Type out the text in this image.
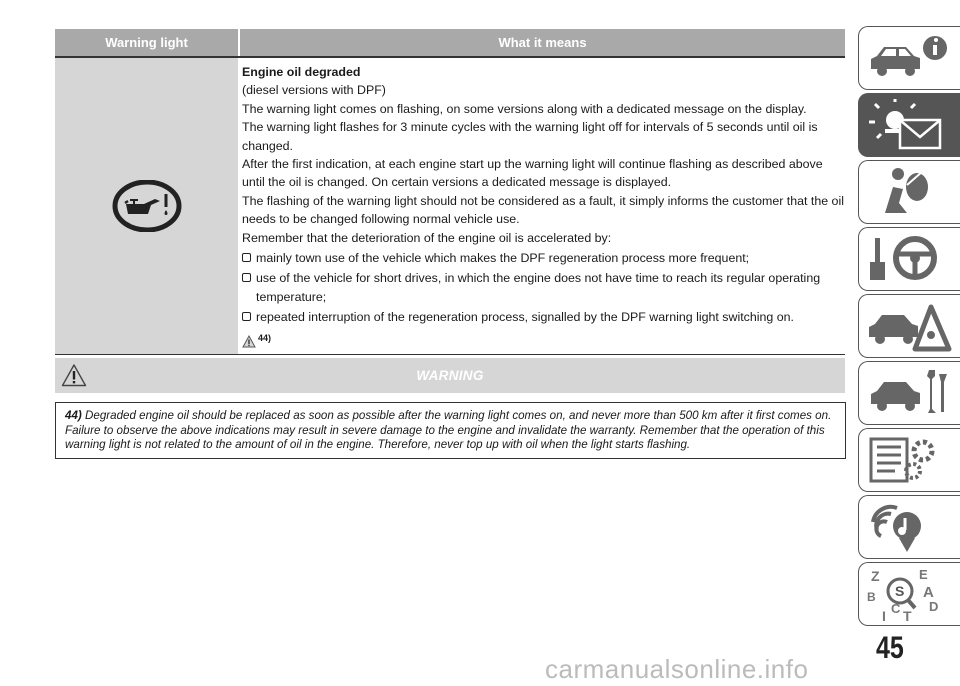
Warning light	What it means

Engine oil degraded

(diesel versions with DPF)

The warning light comes on flashing, on some versions along with a dedicated message on the display.

The warning light flashes for 3 minute cycles with the warning light off for intervals of 5 seconds until oil is changed.

After the first indication, at each engine start up the warning light will continue flashing as described above until the oil is changed. On certain versions a dedicated message is displayed.

The flashing of the warning light should not be considered as a fault, it simply informs the customer that the oil needs to be changed following normal vehicle use.

Remember that the deterioration of the engine oil is accelerated by:

mainly town use of the vehicle which makes the DPF regeneration process more frequent;
use of the vehicle for short drives, in which the engine does not have time to reach its regular operating temperature;
repeated interruption of the regeneration process, signalled by the DPF warning light switching on.
44)
WARNING
44) Degraded engine oil should be replaced as soon as possible after the warning light comes on, and never more than 500 km after it first comes on. Failure to observe the above indications may result in severe damage to the engine and invalidate the warranty. Remember that the operation of this warning light is not related to the amount of oil in the engine. Therefore, never top up with oil when the light starts flashing.
Z	E
B	A
C D
T
I
S
45
carmanualsonline.info
